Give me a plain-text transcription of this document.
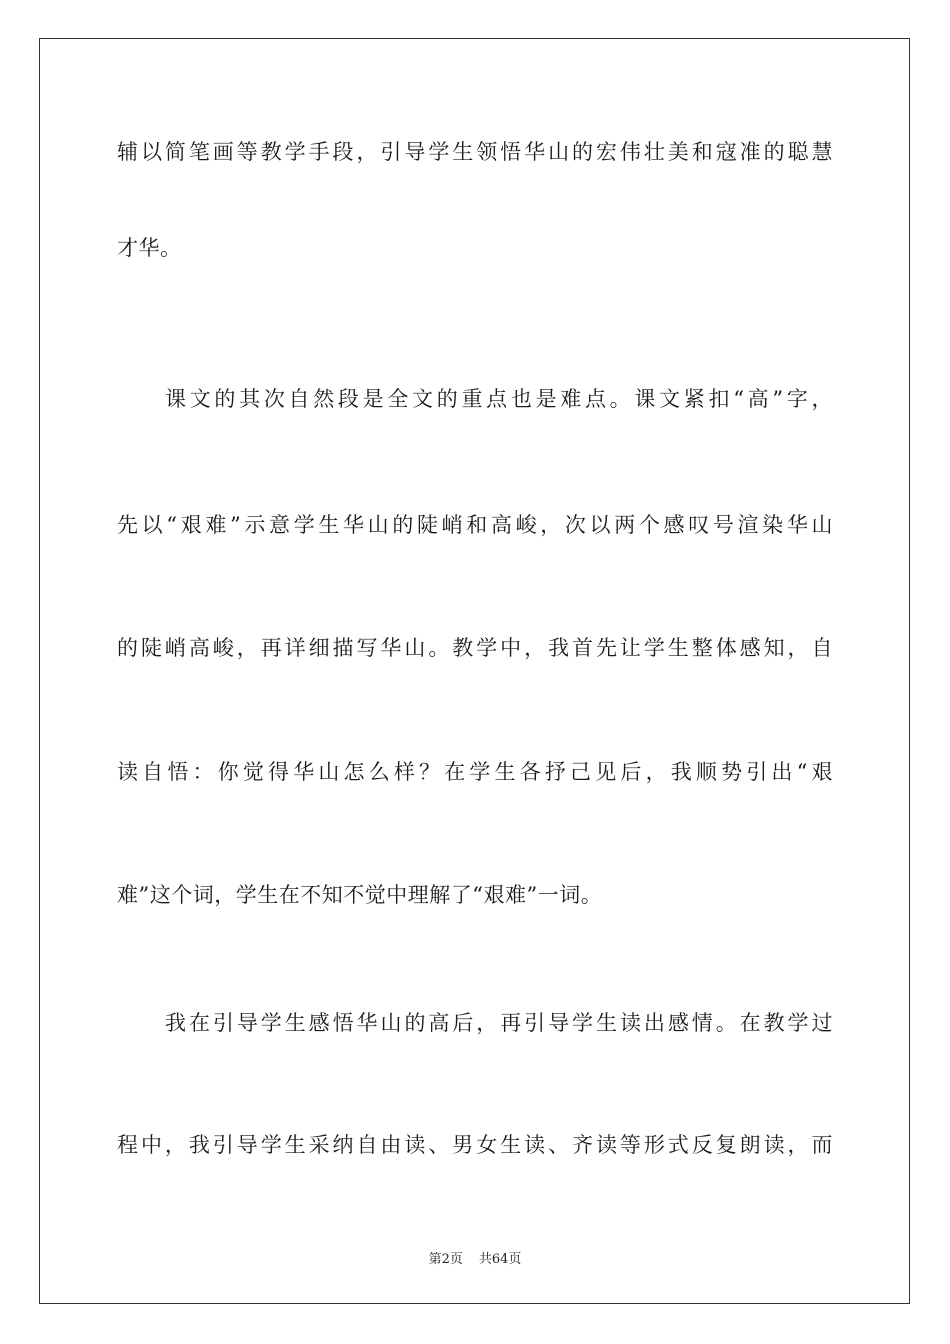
辅以简笔画等教学手段，引导学生领悟华山的宏伟壮美和寇准的聪慧

才华。

课文的其次自然段是全文的重点也是难点。课文紧扣“高”字，

先以“艰难”示意学生华山的陡峭和高峻，次以两个感叹号渲染华山

的陡峭高峻，再详细描写华山。教学中，我首先让学生整体感知，自

读自悟：你觉得华山怎么样？在学生各抒己见后，我顺势引出“艰

难”这个词，学生在不知不觉中理解了“艰难”一词。

我在引导学生感悟华山的高后，再引导学生读出感情。在教学过

程中，我引导学生采纳自由读、男女生读、齐读等形式反复朗读，而

第2页 共64页
